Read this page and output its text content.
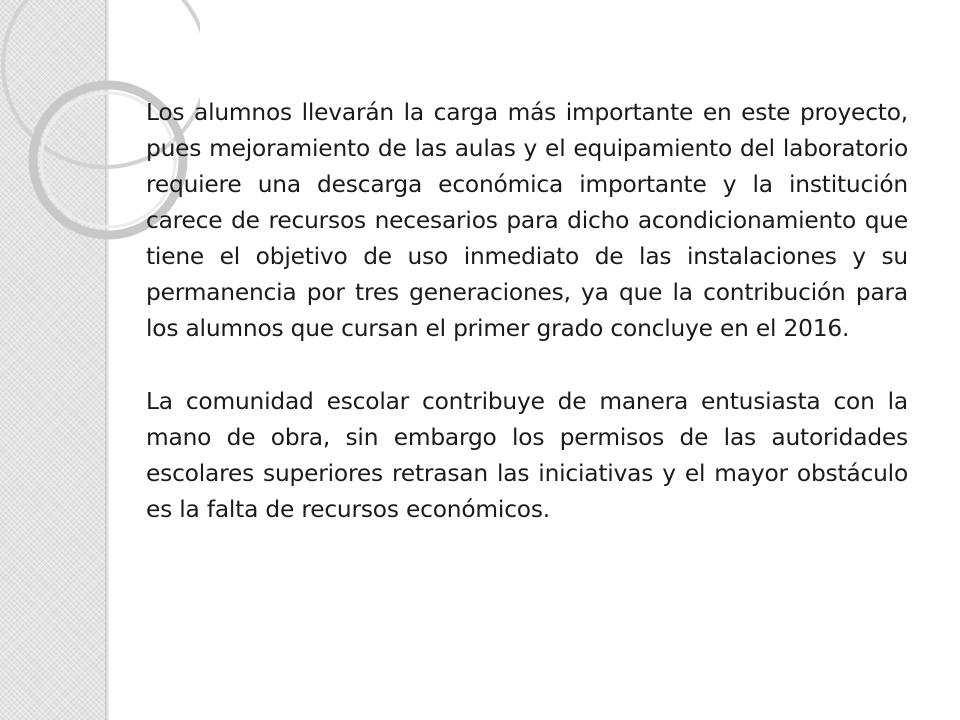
Los alumnos llevarán la carga más importante en este proyecto, pues mejoramiento de las aulas y el equipamiento del laboratorio requiere una descarga económica importante y la institución carece de recursos necesarios para dicho acondicionamiento que tiene el objetivo de uso inmediato de las instalaciones y su permanencia por tres generaciones, ya que la contribución para los alumnos que cursan el primer grado concluye en el 2016.

La comunidad escolar contribuye de manera entusiasta con la mano de obra, sin embargo los permisos de las autoridades escolares superiores retrasan las iniciativas y el mayor obstáculo es la falta de recursos económicos.
